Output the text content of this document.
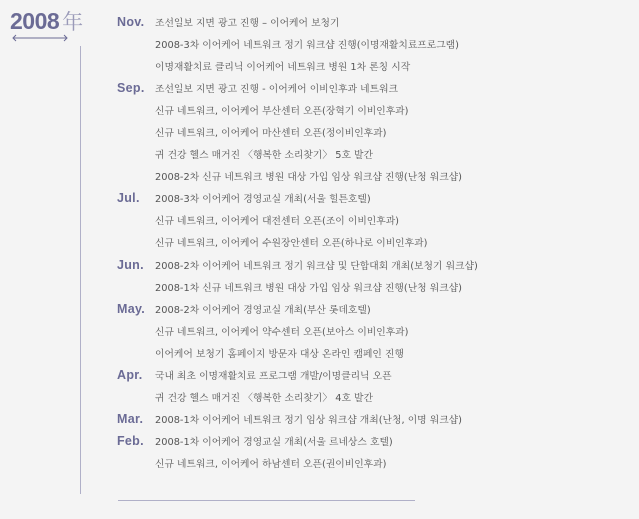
2008 年	Nov.	조선일보 지면 광고 진행 – 이어케어 보청기
2008-3차 이어케어 네트워크 정기 워크샵 진행(이명재활치료프로그램)
이명재활치료 클리닉 이어케어 네트워크 병원 1차 론칭 시작
Sep.	조선일보 지면 광고 진행 - 이어케어 이비인후과 네트워크
신규 네트워크, 이어케어 부산센터 오픈(장혁기 이비인후과)
신규 네트워크, 이어케어 마산센터 오픈(정이비인후과)
귀 건강 헬스 매거진 〈행복한 소리찾기〉 5호 발간
2008-2차 신규 네트워크 병원 대상 가입 임상 워크샵 진행(난청 워크샵)
Jul.	2008-3차 이어케어 경영교실 개최(서울 힐튼호텔)
신규 네트워크, 이어케어 대전센터 오픈(조이 이비인후과)
신규 네트워크, 이어케어 수원장안센터 오픈(하나로 이비인후과)
Jun.	2008-2차 이어케어 네트워크 정기 워크샵 및 단합대회 개최(보청기 워크샵)
2008-1차 신규 네트워크 병원 대상 가입 임상 워크샵 진행(난청 워크샵)
May.	2008-2차 이어케어 경영교실 개최(부산 롯데호텔)
신규 네트워크, 이어케어 약수센터 오픈(보아스 이비인후과)
이어케어 보청기 홈페이지 방문자 대상 온라인 캠페인 진행
Apr.	국내 최초 이명재활치료 프로그램 개발/이명클리닉 오픈
귀 건강 헬스 매거진 〈행복한 소리찾기〉 4호 발간
Mar.	2008-1차 이어케어 네트워크 정기 임상 워크샵 개최(난청, 이명 워크샵)
Feb.	2008-1차 이어케어 경영교실 개최(서울 르네상스 호텔)
신규 네트워크, 이어케어 하남센터 오픈(권이비인후과)
